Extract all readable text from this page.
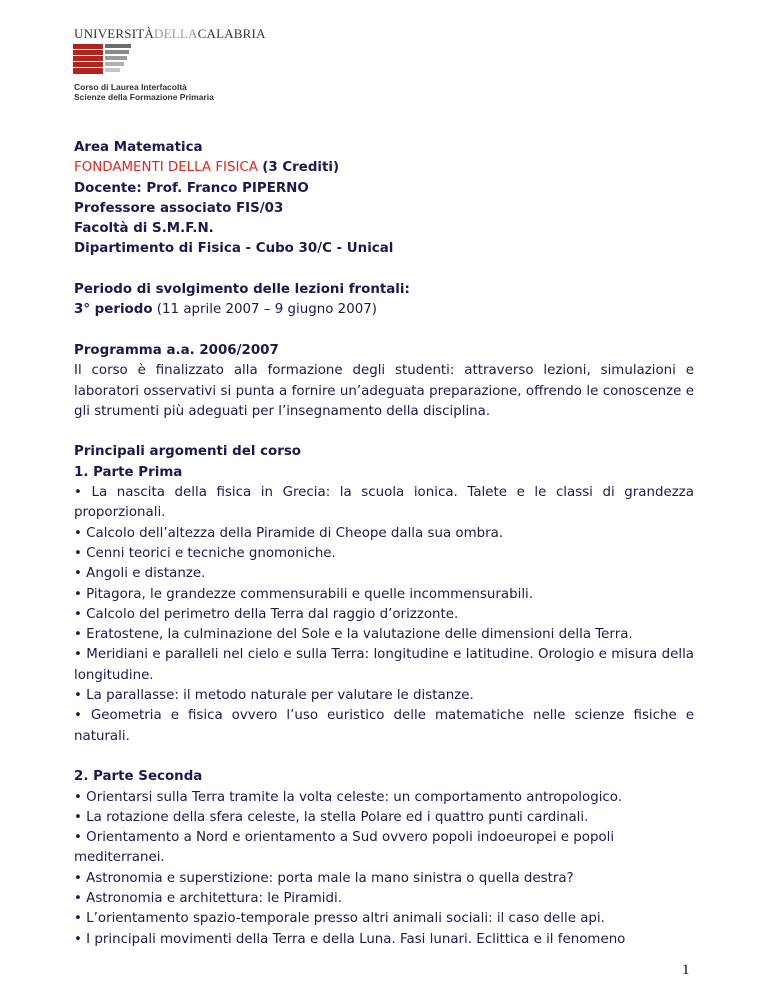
UNIVERSITÀDELLACALABRIA
Corso di Laurea Interfacoltà
Scienze della Formazione Primaria

Area Matematica

FONDAMENTI DELLA FISICA (3 Crediti)

Docente: Prof. Franco PIPERNO

Professore associato FIS/03

Facoltà di S.M.F.N.

Dipartimento di Fisica - Cubo 30/C - Unical

Periodo di svolgimento delle lezioni frontali:

3° periodo (11 aprile 2007 – 9 giugno 2007)

Programma a.a. 2006/2007

Il corso è finalizzato alla formazione degli studenti: attraverso lezioni, simulazioni e laboratori osservativi si punta a fornire un’adeguata preparazione, offrendo le conoscenze e gli strumenti più adeguati per l’insegnamento della disciplina.

Principali argomenti del corso

1. Parte Prima

• La nascita della fisica in Grecia: la scuola ionica. Talete e le classi di grandezza proporzionali.

• Calcolo dell’altezza della Piramide di Cheope dalla sua ombra.

• Cenni teorici e tecniche gnomoniche.

• Angoli e distanze.

• Pitagora, le grandezze commensurabili e quelle incommensurabili.

• Calcolo del perimetro della Terra dal raggio d’orizzonte.

• Eratostene, la culminazione del Sole e la valutazione delle dimensioni della Terra.

• Meridiani e paralleli nel cielo e sulla Terra: longitudine e latitudine. Orologio e misura della longitudine.

• La parallasse: il metodo naturale per valutare le distanze.

• Geometria e fisica ovvero l’uso euristico delle matematiche nelle scienze fisiche e naturali.

2. Parte Seconda

• Orientarsi sulla Terra tramite la volta celeste: un comportamento antropologico.

• La rotazione della sfera celeste, la stella Polare ed i quattro punti cardinali.

• Orientamento a Nord e orientamento a Sud ovvero popoli indoeuropei e popoli mediterranei.

• Astronomia e superstizione: porta male la mano sinistra o quella destra?

• Astronomia e architettura: le Piramidi.

• L’orientamento spazio-temporale presso altri animali sociali: il caso delle api.

• I principali movimenti della Terra e della Luna. Fasi lunari. Eclittica e il fenomeno

1
